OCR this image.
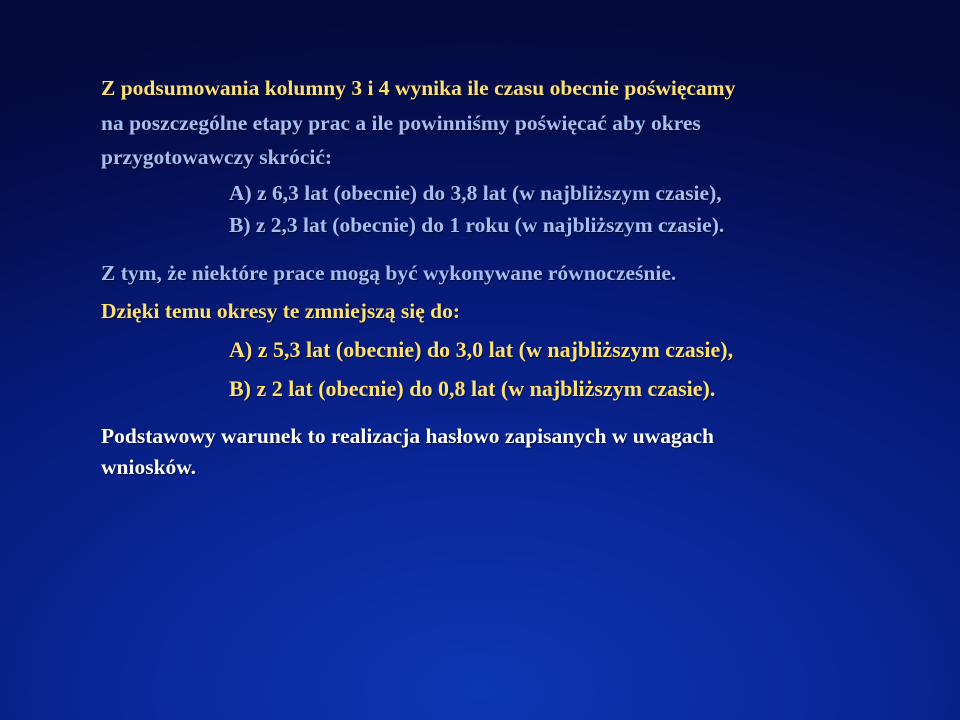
Z podsumowania kolumny 3 i 4 wynika ile czasu obecnie poświęcamy
na poszczególne etapy prac a ile powinniśmy poświęcać aby okres
przygotowawczy skrócić:
A) z 6,3 lat (obecnie) do 3,8 lat (w najbliższym czasie),
B) z 2,3 lat (obecnie) do 1 roku (w najbliższym czasie).
Z tym, że niektóre prace mogą być wykonywane równocześnie.
Dzięki temu okresy te zmniejszą się do:
A) z 5,3 lat (obecnie) do 3,0 lat (w najbliższym czasie),
B) z 2 lat (obecnie) do 0,8 lat (w najbliższym czasie).
Podstawowy warunek to realizacja hasłowo zapisanych w uwagach
wniosków.
